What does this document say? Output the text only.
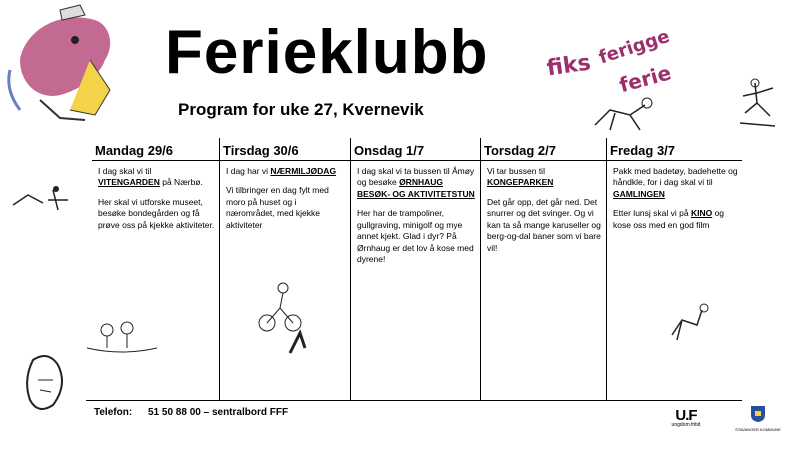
Ferieklubb
Program for uke 27, Kvernevik
fiks ferigge
ferie
Mandag 29/6

I dag skal vi til VITENGARDEN på Nærbø.

Her skal vi utforske museet, besøke bondegården og få prøve oss på kjekke aktiviteter.

Tirsdag 30/6

I dag har vi NÆRMILJØDAG

Vi tilbringer en dag fylt med moro på huset og i nærområdet, med kjekke aktiviteter

Onsdag 1/7

I dag skal vi ta bussen til Åmøy og besøke ØRNHAUG BESØK- OG AKTIVITETSTUN

Her har de trampoliner, gullgraving, minigolf og mye annet kjekt. Glad i dyr? På Ørnhaug er det lov å kose med dyrene!

Torsdag 2/7

Vi tar bussen til KONGEPARKEN

Det går opp, det går ned. Det snurrer og det svinger. Og vi kan ta så mange karuseller og berg-og-dal baner som vi bare vil!

Fredag 3/7

Pakk med badetøy, badehette og håndkle, for i dag skal vi til GAMLINGEN

Etter lunsj skal vi på KINO og kose oss med en god film

Telefon: 51 50 88 00 – sentralbord FFF	U.F
ungdom.fritid
STAVANGER KOMMUNE
